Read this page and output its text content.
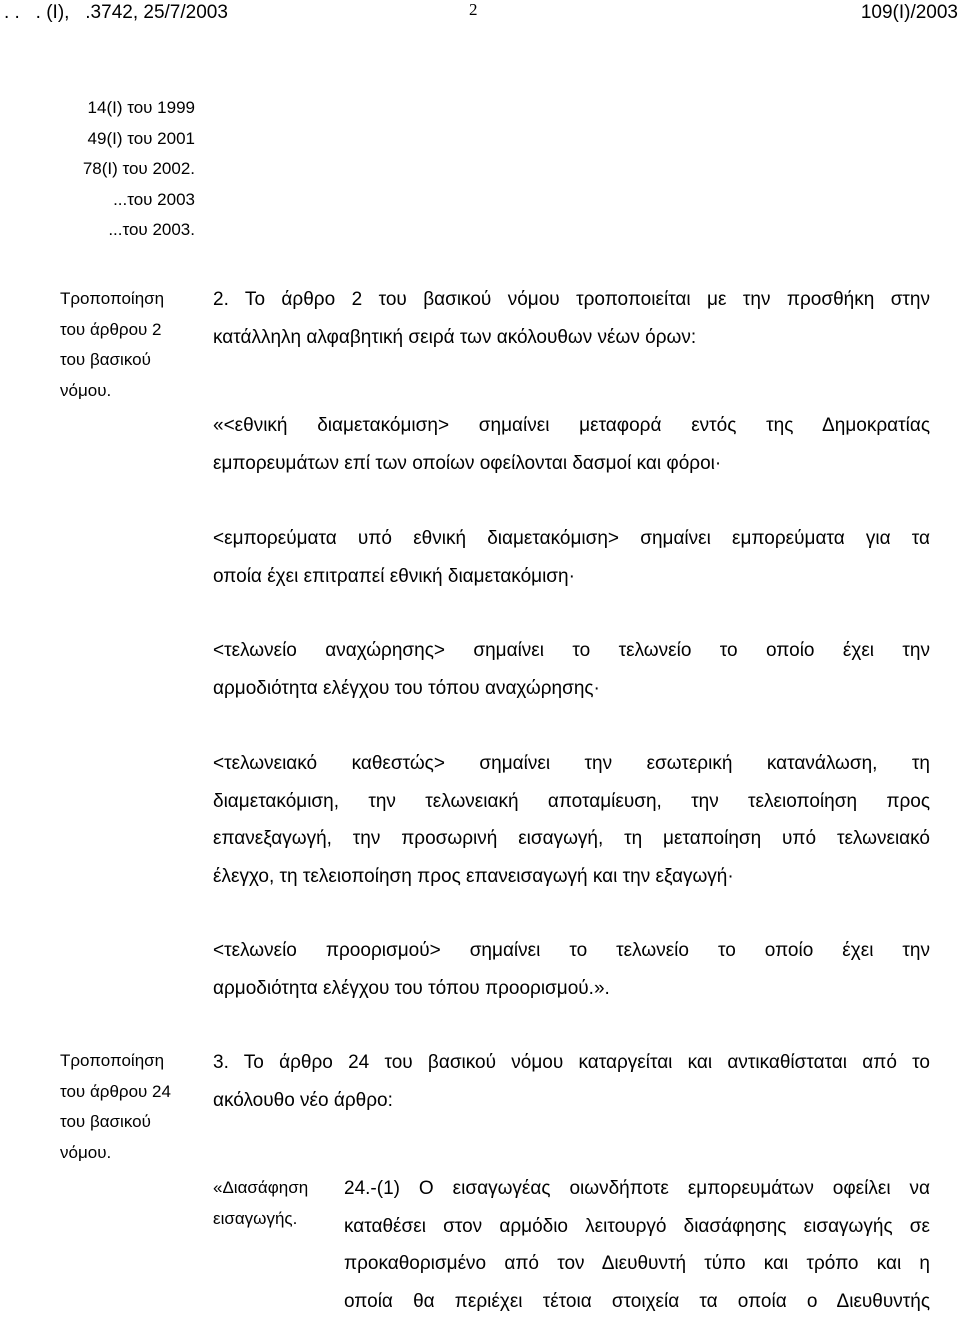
. .   . (Ι),   .3742, 25/7/2003	2	109(Ι)/2003
14(Ι) του 1999
49(Ι) του 2001
78(Ι) του 2002.
...του 2003
...του 2003.
Τροποποίηση
του άρθρου 2
του βασικού
νόμου.
2. Το άρθρο 2 του βασικού νόμου τροποποιείται με την προσθήκη στην
κατάλληλη αλφαβητική σειρά των ακόλουθων νέων όρων:
«<εθνική διαμετακόμιση> σημαίνει μεταφορά εντός της Δημοκρατίας
εμπορευμάτων επί των οποίων οφείλονται δασμοί και φόροι·
<εμπορεύματα υπό εθνική διαμετακόμιση> σημαίνει εμπορεύματα για τα
οποία έχει επιτραπεί εθνική διαμετακόμιση·
<τελωνείο αναχώρησης> σημαίνει το τελωνείο το οποίο έχει την
αρμοδιότητα ελέγχου του τόπου αναχώρησης·
<τελωνειακό καθεστώς> σημαίνει την εσωτερική κατανάλωση, τη
διαμετακόμιση, την τελωνειακή αποταμίευση, την τελειοποίηση προς
επανεξαγωγή, την προσωρινή εισαγωγή, τη μεταποίηση υπό τελωνειακό
έλεγχο, τη τελειοποίηση προς επανεισαγωγή και την εξαγωγή·
<τελωνείο προορισμού> σημαίνει το τελωνείο το οποίο έχει την
αρμοδιότητα ελέγχου του τόπου προορισμού.».
Τροποποίηση
του άρθρου 24
του βασικού
νόμου.
3. Το άρθρο 24 του βασικού νόμου καταργείται και αντικαθίσταται από το
ακόλουθο νέο άρθρο:
«Διασάφηση
εισαγωγής.
24.-(1) Ο εισαγωγέας οιωνδήποτε εμπορευμάτων οφείλει να
καταθέσει στον αρμόδιο λειτουργό διασάφησης εισαγωγής σε
προκαθορισμένο από τον Διευθυντή τύπο και τρόπο και η
οποία θα περιέχει τέτοια στοιχεία τα οποία ο Διευθυντής
